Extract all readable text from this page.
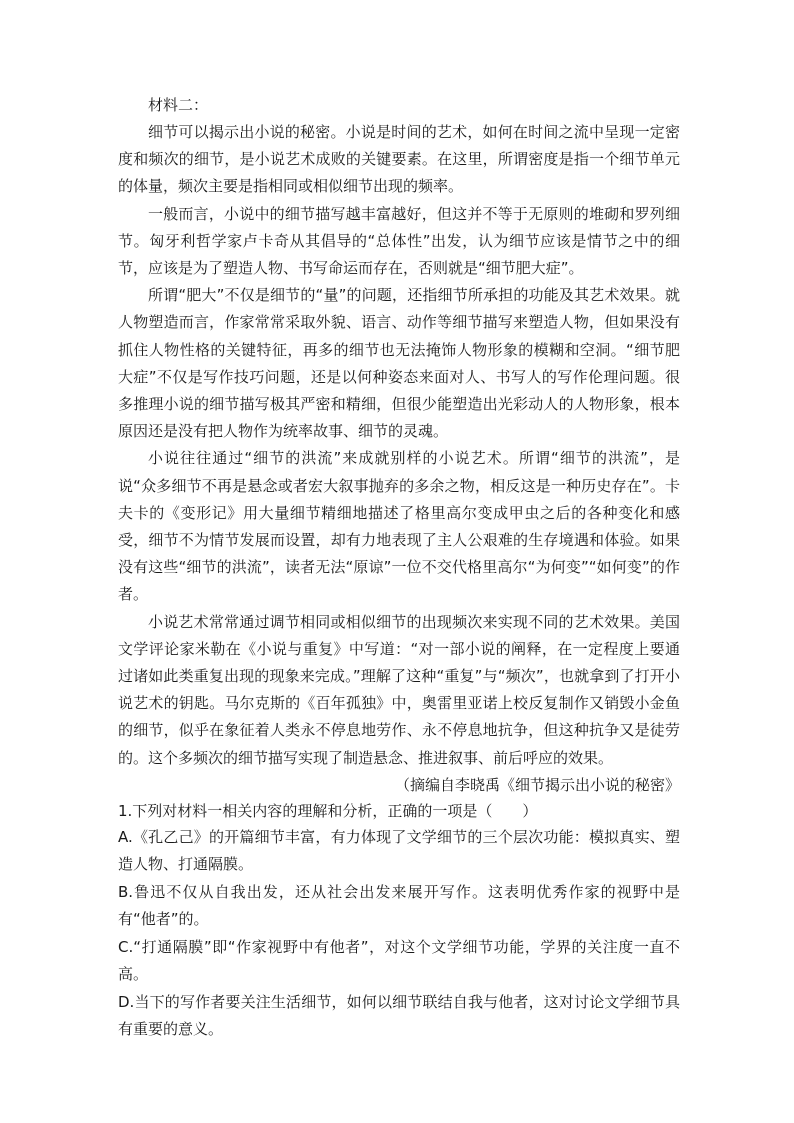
材料二：

细节可以揭示出小说的秘密。小说是时间的艺术，如何在时间之流中呈现一定密度和频次的细节，是小说艺术成败的关键要素。在这里，所谓密度是指一个细节单元的体量，频次主要是指相同或相似细节出现的频率。

一般而言，小说中的细节描写越丰富越好，但这并不等于无原则的堆砌和罗列细节。匈牙利哲学家卢卡奇从其倡导的“总体性”出发，认为细节应该是情节之中的细节，应该是为了塑造人物、书写命运而存在，否则就是“细节肥大症”。

所谓“肥大”不仅是细节的“量”的问题，还指细节所承担的功能及其艺术效果。就人物塑造而言，作家常常采取外貌、语言、动作等细节描写来塑造人物，但如果没有抓住人物性格的关键特征，再多的细节也无法掩饰人物形象的模糊和空洞。“细节肥大症”不仅是写作技巧问题，还是以何种姿态来面对人、书写人的写作伦理问题。很多推理小说的细节描写极其严密和精细，但很少能塑造出光彩动人的人物形象，根本原因还是没有把人物作为统率故事、细节的灵魂。

小说往往通过“细节的洪流”来成就别样的小说艺术。所谓“细节的洪流”，是说“众多细节不再是悬念或者宏大叙事抛弃的多余之物，相反这是一种历史存在”。卡夫卡的《变形记》用大量细节精细地描述了格里高尔变成甲虫之后的各种变化和感受，细节不为情节发展而设置，却有力地表现了主人公艰难的生存境遇和体验。如果没有这些“细节的洪流”，读者无法“原谅”一位不交代格里高尔“为何变”“如何变”的作者。

小说艺术常常通过调节相同或相似细节的出现频次来实现不同的艺术效果。美国文学评论家米勒在《小说与重复》中写道：“对一部小说的阐释，在一定程度上要通过诸如此类重复出现的现象来完成。”理解了这种“重复”与“频次”，也就拿到了打开小说艺术的钥匙。马尔克斯的《百年孤独》中，奥雷里亚诺上校反复制作又销毁小金鱼的细节，似乎在象征着人类永不停息地劳作、永不停息地抗争，但这种抗争又是徒劳的。这个多频次的细节描写实现了制造悬念、推进叙事、前后呼应的效果。

（摘编自李晓禹《细节揭示出小说的秘密》
1.下列对材料一相关内容的理解和分析，正确的一项是（　　）

A.《孔乙己》的开篇细节丰富，有力体现了文学细节的三个层次功能：模拟真实、塑造人物、打通隔膜。

B.鲁迅不仅从自我出发，还从社会出发来展开写作。这表明优秀作家的视野中是有“他者”的。

C.“打通隔膜”即“作家视野中有他者”，对这个文学细节功能，学界的关注度一直不高。

D.当下的写作者要关注生活细节，如何以细节联结自我与他者，这对讨论文学细节具有重要的意义。
